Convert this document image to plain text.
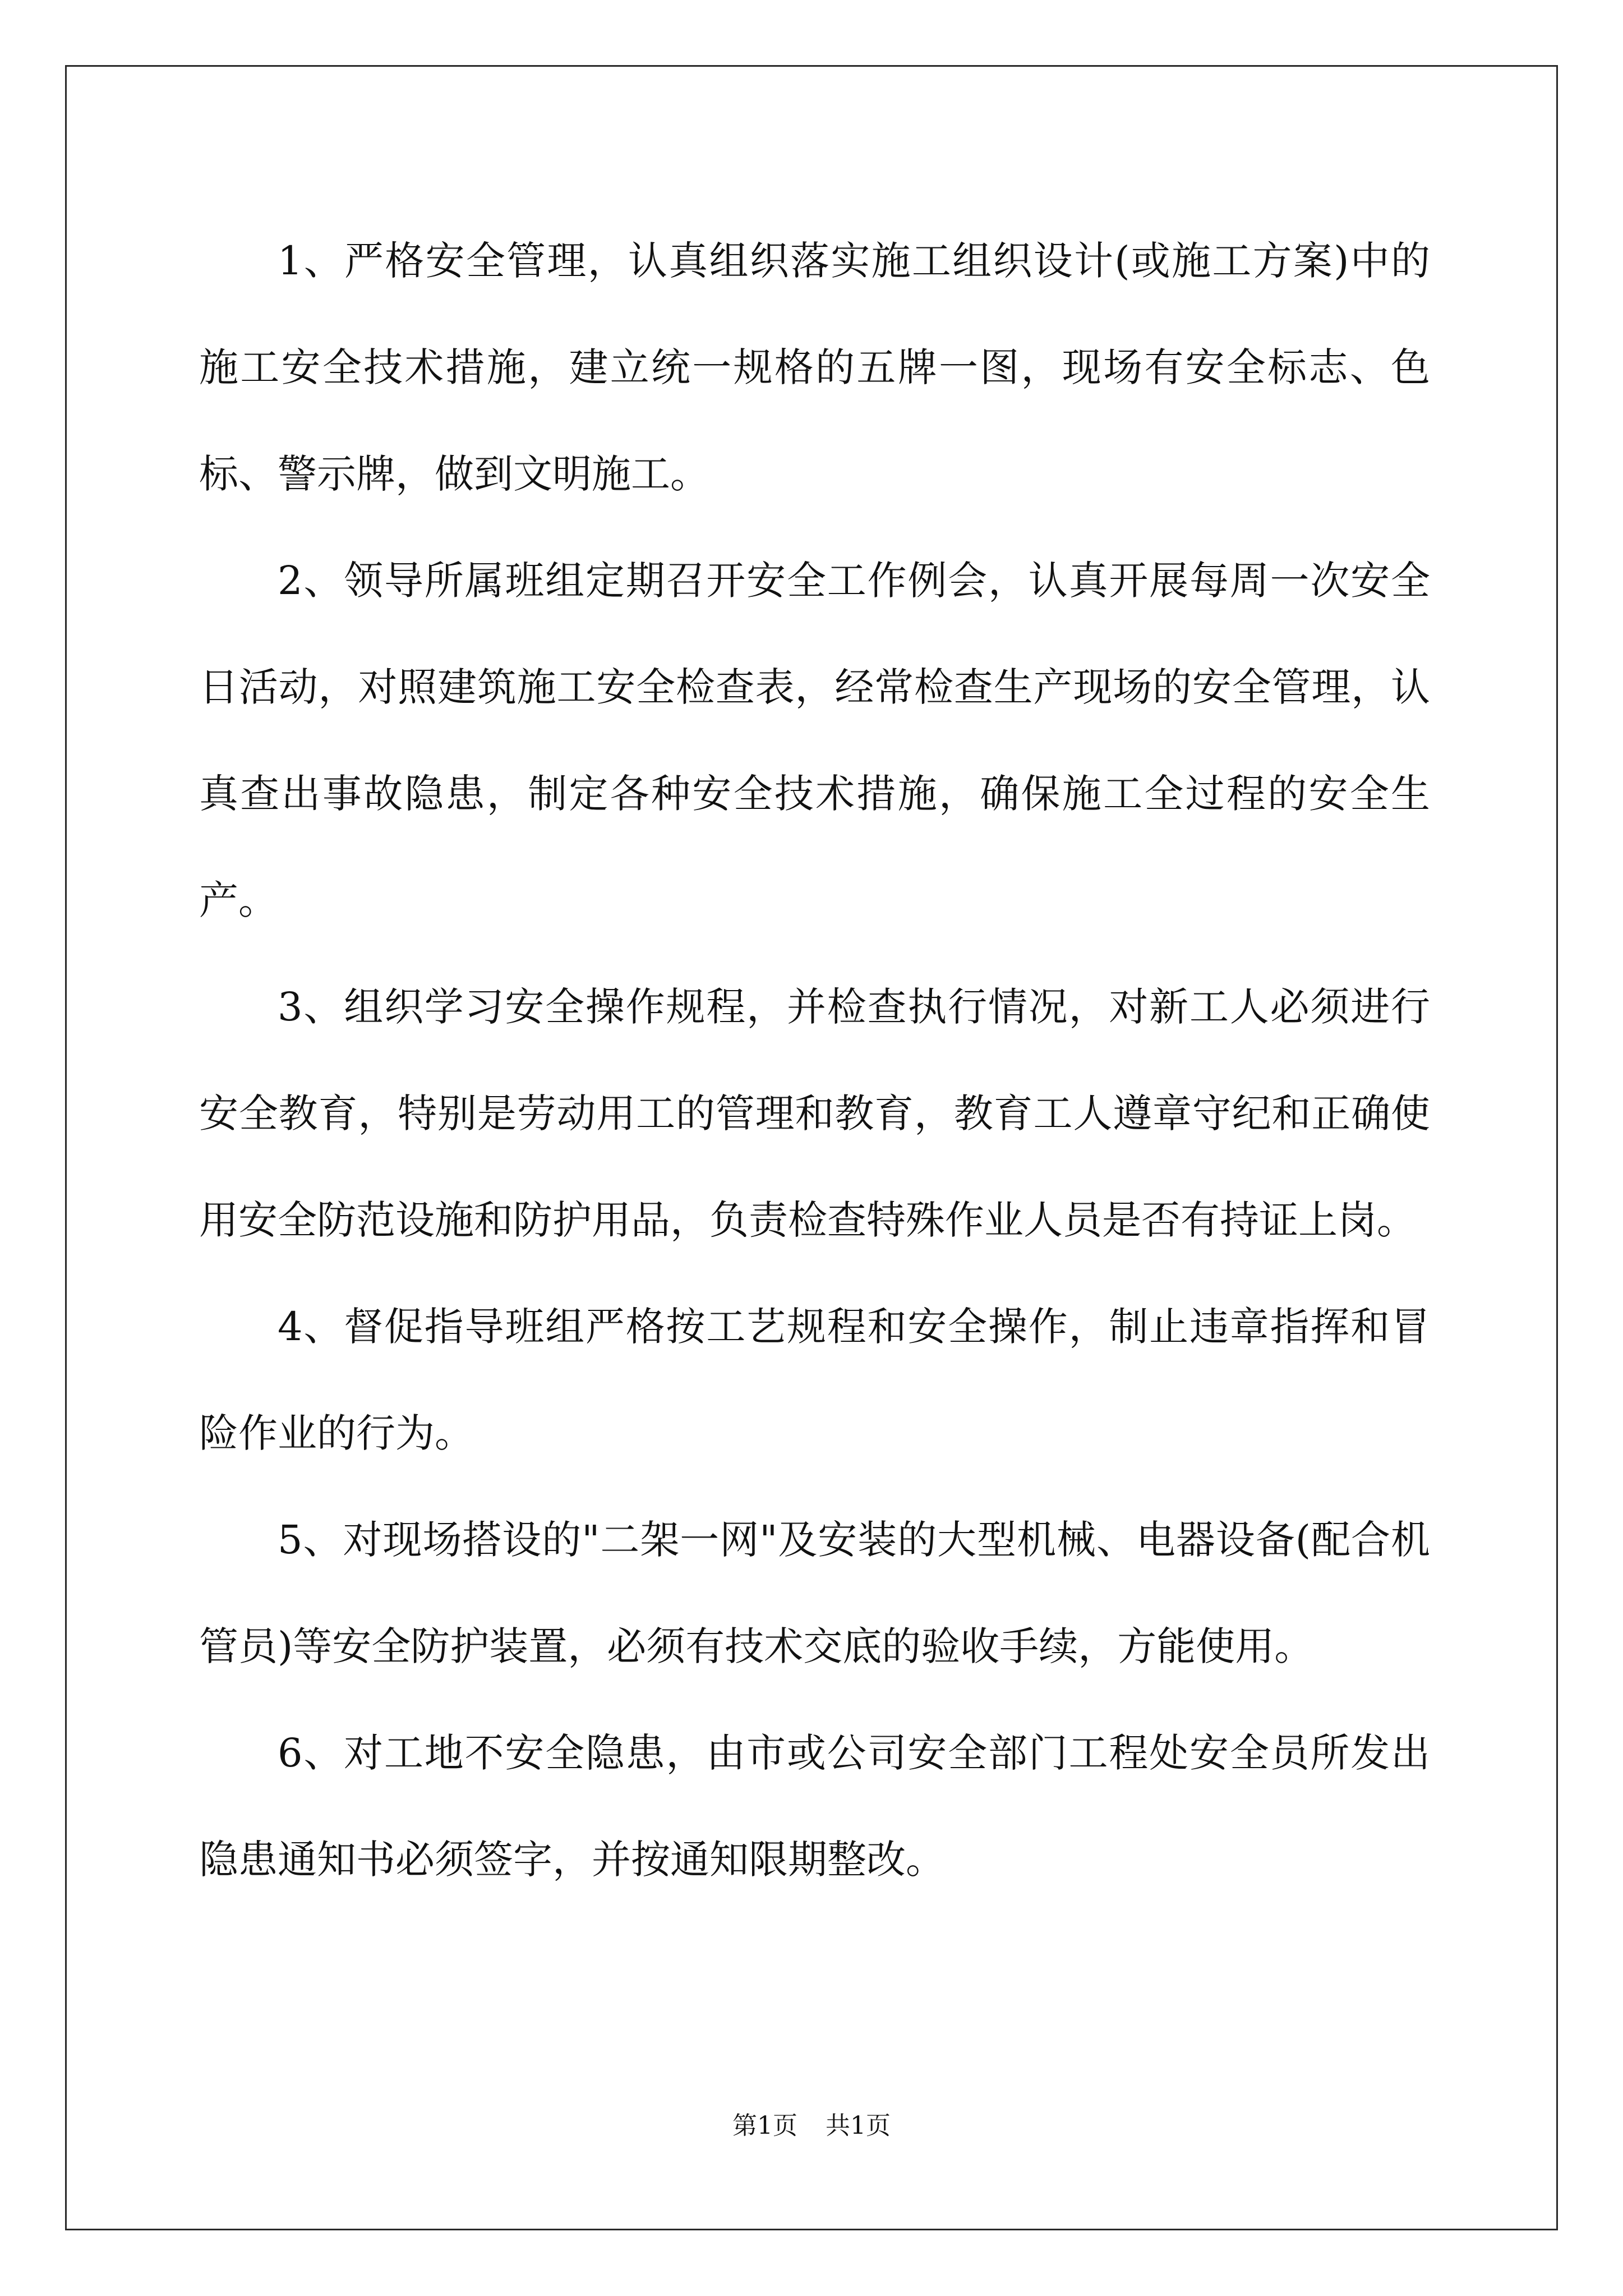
1、严格安全管理，认真组织落实施工组织设计(或施工方案)中的施工安全技术措施，建立统一规格的五牌一图，现场有安全标志、色标、警示牌，做到文明施工。

2、领导所属班组定期召开安全工作例会，认真开展每周一次安全日活动，对照建筑施工安全检查表，经常检查生产现场的安全管理，认真查出事故隐患，制定各种安全技术措施，确保施工全过程的安全生产。

3、组织学习安全操作规程，并检查执行情况，对新工人必须进行安全教育，特别是劳动用工的管理和教育，教育工人遵章守纪和正确使用安全防范设施和防护用品，负责检查特殊作业人员是否有持证上岗。

4、督促指导班组严格按工艺规程和安全操作，制止违章指挥和冒险作业的行为。

5、对现场搭设的"二架一网"及安装的大型机械、电器设备(配合机管员)等安全防护装置，必须有技术交底的验收手续，方能使用。

6、对工地不安全隐患，由市或公司安全部门工程处安全员所发出隐患通知书必须签字，并按通知限期整改。

第1页 共1页
